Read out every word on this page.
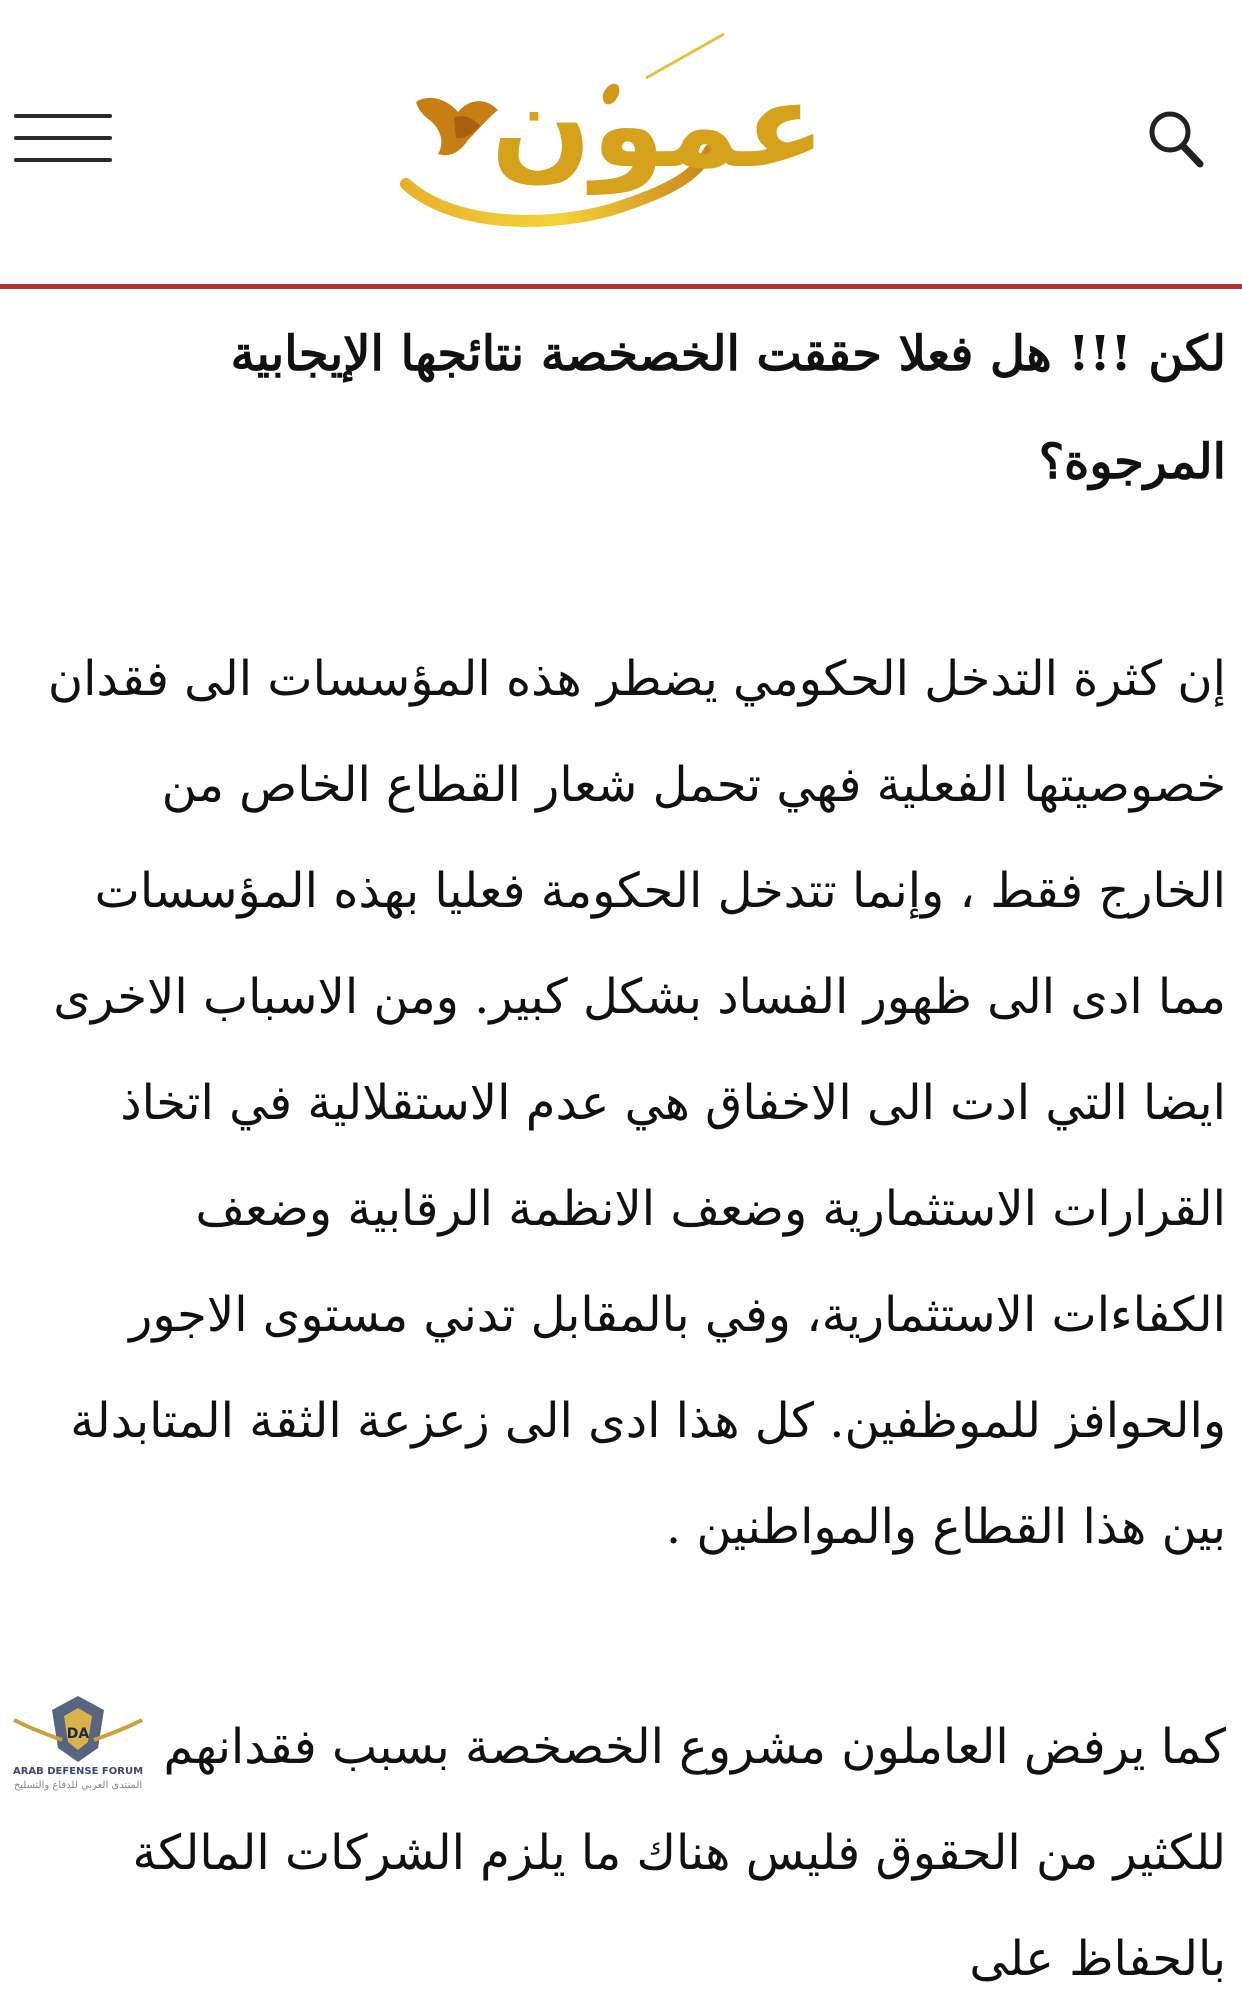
عمون

لكن !!! هل فعلا حققت الخصخصة نتائجها الإيجابية المرجوة؟

إن كثرة التدخل الحكومي يضطر هذه المؤسسات الى فقدان خصوصيتها الفعلية فهي تحمل شعار القطاع الخاص من الخارج فقط ، وإنما تتدخل الحكومة فعليا بهذه المؤسسات مما ادى الى ظهور الفساد بشكل كبير. ومن الاسباب الاخرى ايضا التي ادت الى الاخفاق هي عدم الاستقلالية في اتخاذ القرارات الاستثمارية وضعف الانظمة الرقابية وضعف الكفاءات الاستثمارية، وفي بالمقابل تدني مستوى الاجور والحوافز للموظفين. كل هذا ادى الى زعزعة الثقة المتابدلة بين هذا القطاع والمواطنين .

كما يرفض العاملون مشروع الخصخصة بسبب فقدانهم للكثير من الحقوق فليس هناك ما يلزم الشركات المالكة بالحفاظ على

DA
ARAB DEFENSE FORUM
المنتدى العربي للدفاع والتسليح
